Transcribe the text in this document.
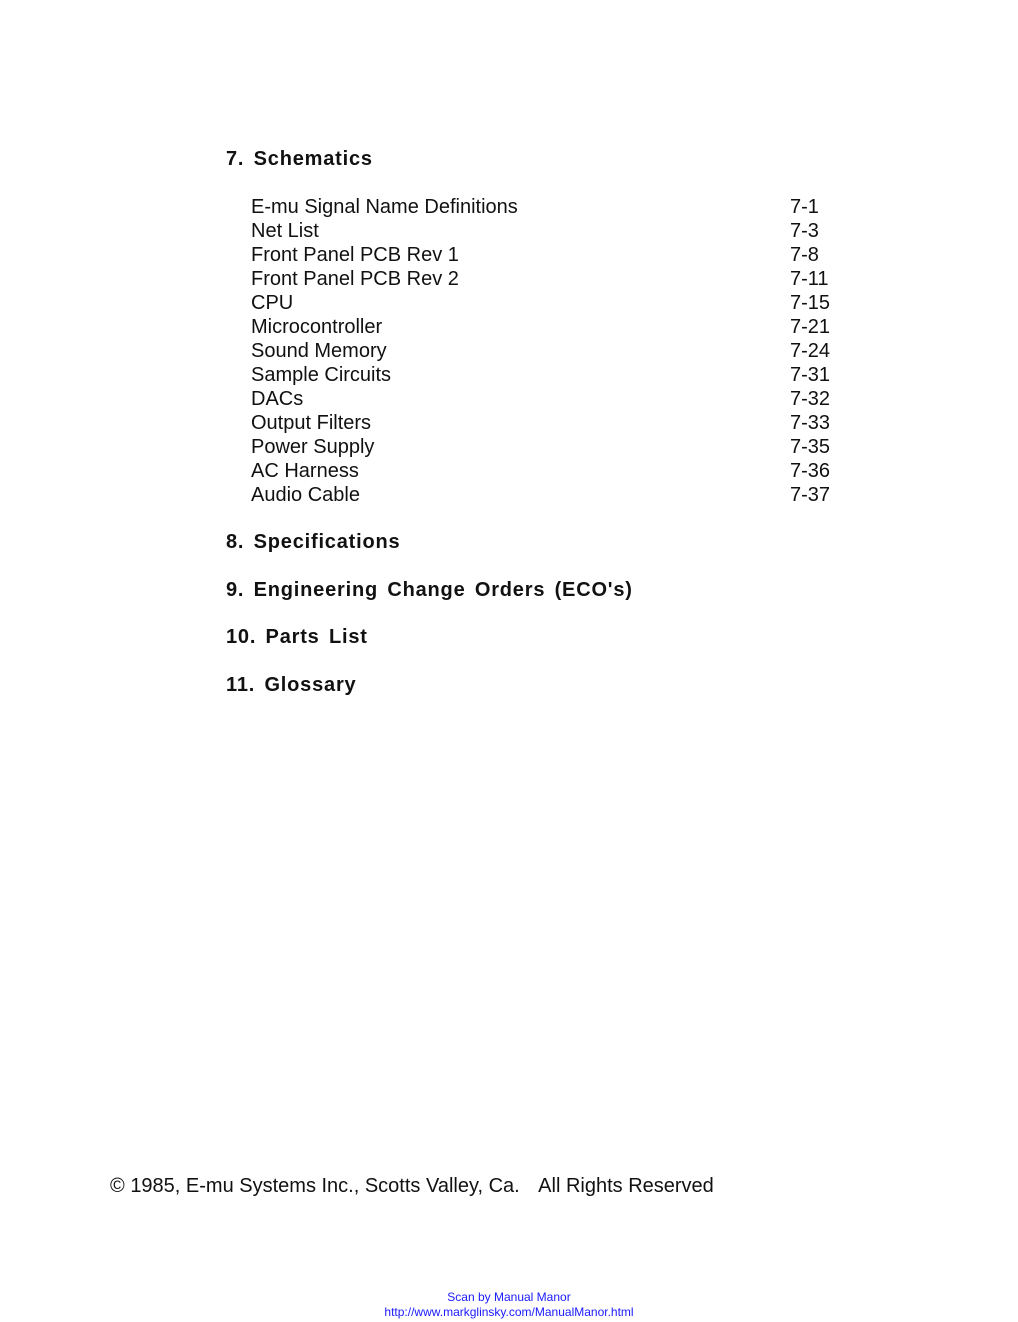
7. Schematics
E-mu Signal Name Definitions	7-1
Net List	7-3
Front Panel PCB Rev 1	7-8
Front Panel PCB Rev 2	7-11
CPU	7-15
Microcontroller	7-21
Sound Memory	7-24
Sample Circuits	7-31
DACs	7-32
Output Filters	7-33
Power Supply	7-35
AC Harness	7-36
Audio Cable	7-37
8. Specifications
9. Engineering Change Orders (ECO's)
10. Parts List
11. Glossary
© 1985, E-mu Systems Inc., Scotts Valley, Ca. All Rights Reserved
Scan by Manual Manor
http://www.markglinsky.com/ManualManor.html
